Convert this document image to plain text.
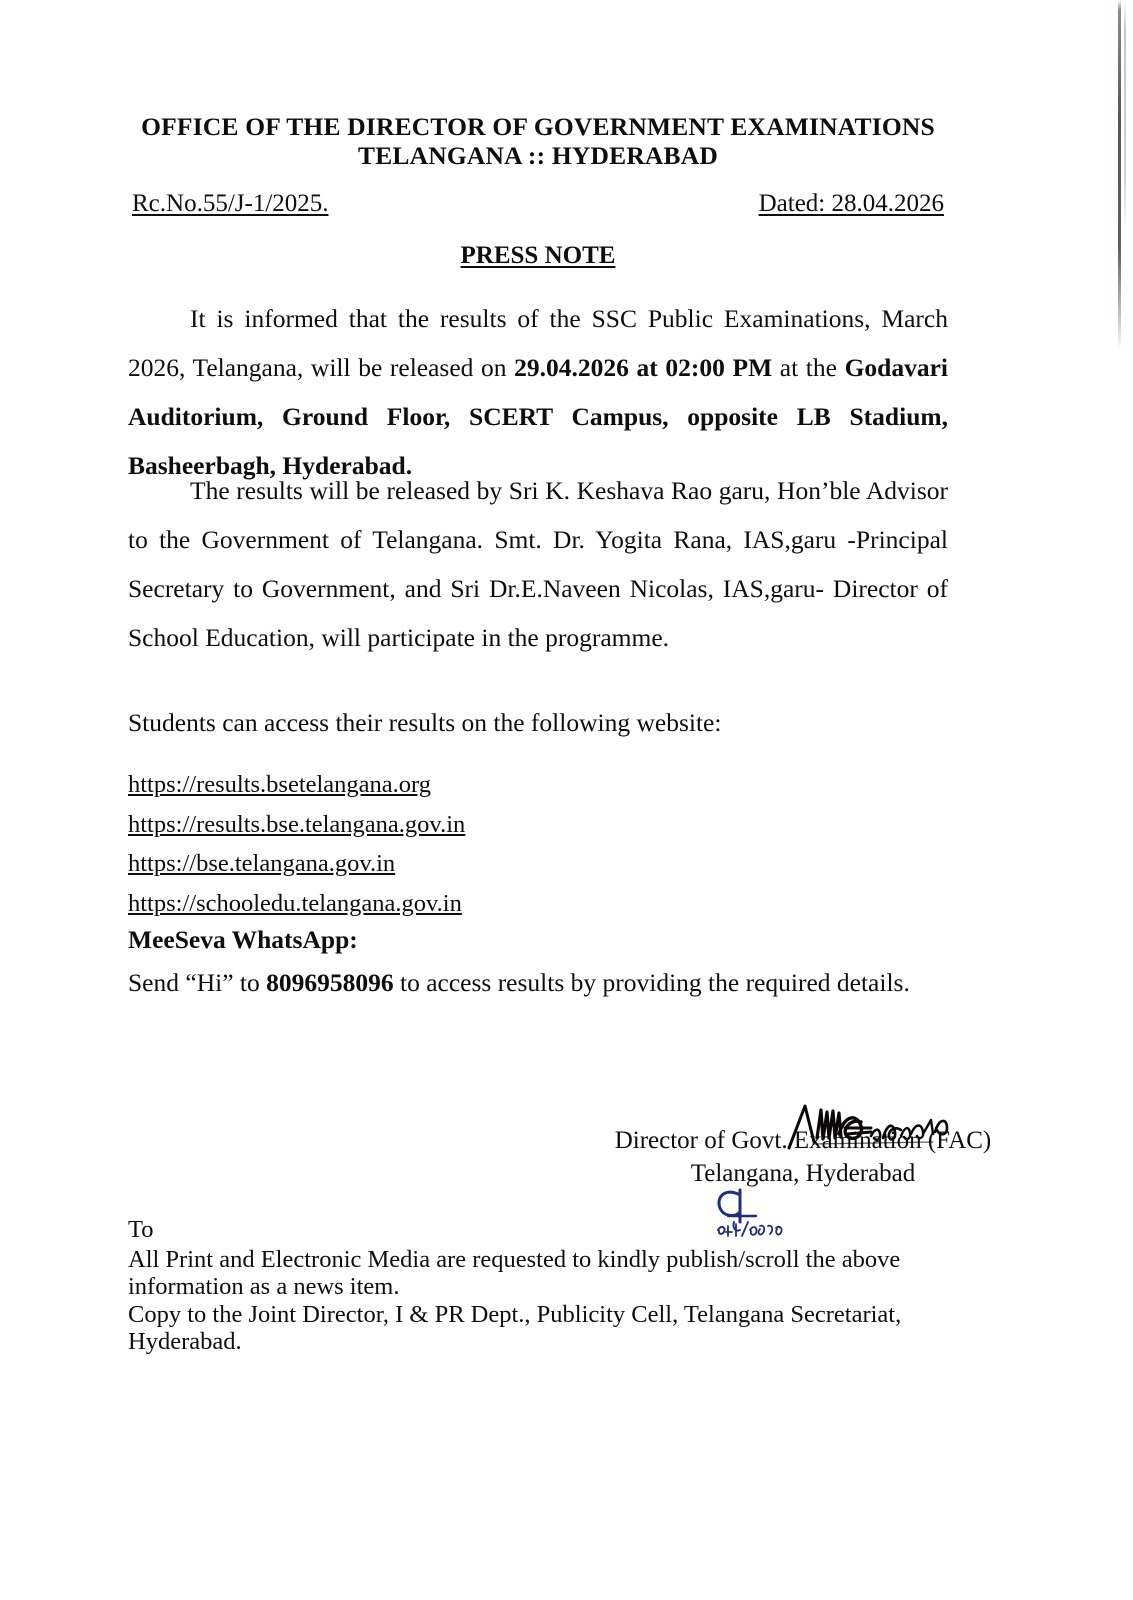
OFFICE OF THE DIRECTOR OF GOVERNMENT EXAMINATIONS
TELANGANA :: HYDERABAD
Rc.No.55/J-1/2025.	Dated: 28.04.2026
PRESS NOTE
It is informed that the results of the SSC Public Examinations, March 2026, Telangana, will be released on 29.04.2026 at 02:00 PM at the Godavari Auditorium, Ground Floor, SCERT Campus, opposite LB Stadium, Basheerbagh, Hyderabad.
The results will be released by Sri K. Keshava Rao garu, Hon’ble Advisor to the Government of Telangana. Smt. Dr. Yogita Rana, IAS,garu -Principal Secretary to Government, and Sri Dr.E.Naveen Nicolas, IAS,garu- Director of School Education, will participate in the programme.
Students can access their results on the following website:
https://results.bsetelangana.org
https://results.bse.telangana.gov.in
https://bse.telangana.gov.in
https://schooledu.telangana.gov.in
MeeSeva WhatsApp:
Send “Hi” to 8096958096 to access results by providing the required details.
Director of Govt. Examination (FAC)
Telangana, Hyderabad

To

All Print and Electronic Media are requested to kindly publish/scroll the above

information as a news item.

Copy to the Joint Director, I & PR Dept., Publicity Cell, Telangana Secretariat,

Hyderabad.
